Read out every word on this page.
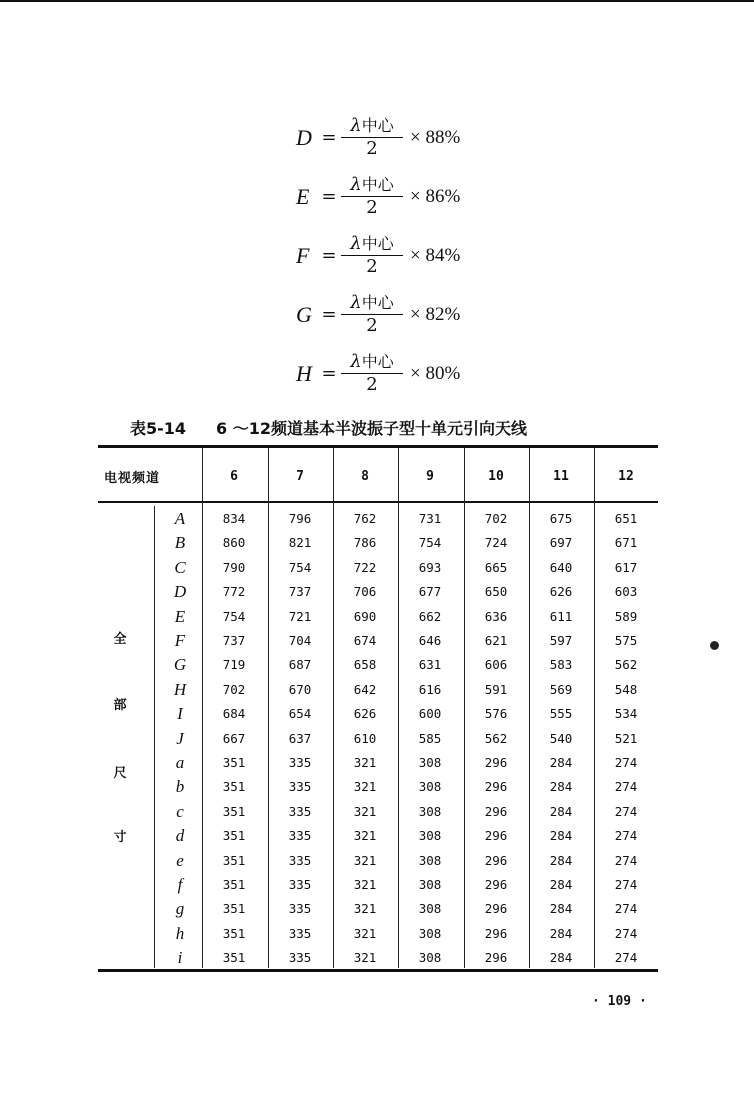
$D = \frac{\text{λ中心}}{2} \times 88\%$
$E = \frac{\text{λ中心}}{2} \times 86\%$
$F = \frac{\text{λ中心}}{2} \times 84\%$
$G = \frac{\text{λ中心}}{2} \times 82\%$
$H = \frac{\text{λ中心}}{2} \times 80\%$
表5-14 6 ～12频道基本半波振子型十单元引向天线
电视频道	6	7	8	9	10	11	12
全
部
尺
寸
A	834	796	762	731	702	675	651
B	860	821	786	754	724	697	671
C	790	754	722	693	665	640	617
D	772	737	706	677	650	626	603
E	754	721	690	662	636	611	589
F	737	704	674	646	621	597	575
G	719	687	658	631	606	583	562
H	702	670	642	616	591	569	548
I	684	654	626	600	576	555	534
J	667	637	610	585	562	540	521
a	351	335	321	308	296	284	274
b	351	335	321	308	296	284	274
c	351	335	321	308	296	284	274
d	351	335	321	308	296	284	274
e	351	335	321	308	296	284	274
f	351	335	321	308	296	284	274
g	351	335	321	308	296	284	274
h	351	335	321	308	296	284	274
i	351	335	321	308	296	284	274
· 109 ·
